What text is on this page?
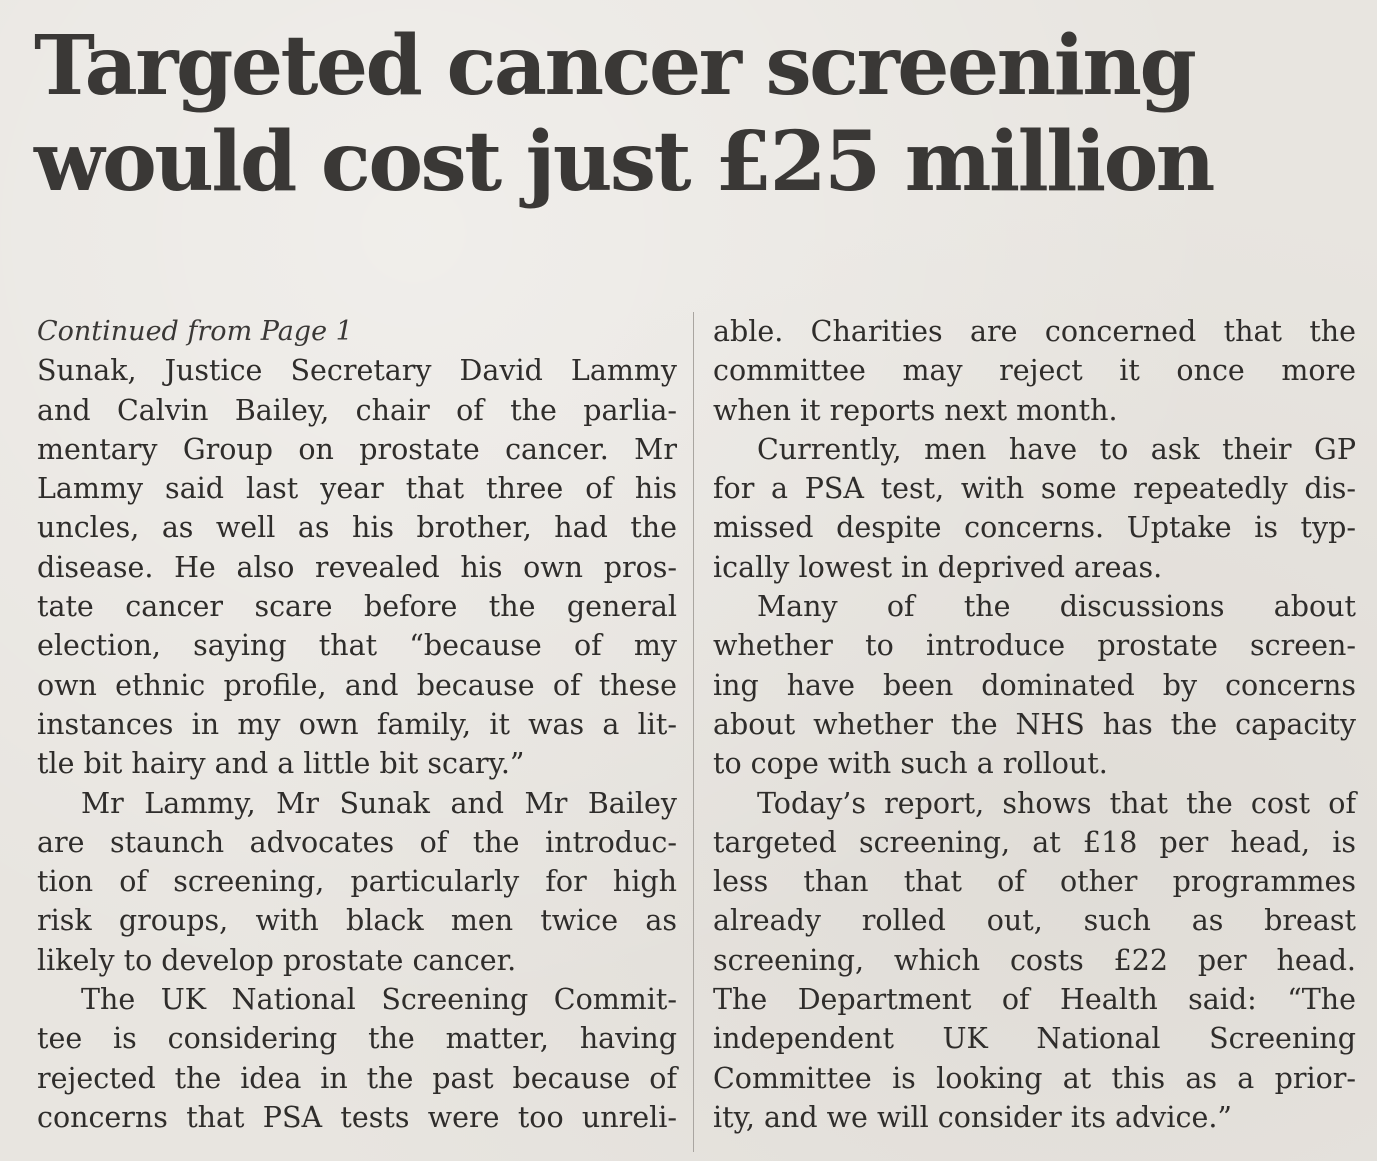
Targeted cancer screening
would cost just £25 million
Continued from Page 1
Sunak, Justice Secretary David Lammy
and Calvin Bailey, chair of the parlia-
mentary Group on prostate cancer. Mr
Lammy said last year that three of his
uncles, as well as his brother, had the
disease. He also revealed his own pros-
tate cancer scare before the general
election, saying that “because of my
own ethnic profile, and because of these
instances in my own family, it was a lit-
tle bit hairy and a little bit scary.”
Mr Lammy, Mr Sunak and Mr Bailey
are staunch advocates of the introduc-
tion of screening, particularly for high
risk groups, with black men twice as
likely to develop prostate cancer.
The UK National Screening Commit-
tee is considering the matter, having
rejected the idea in the past because of
concerns that PSA tests were too unreli-
able. Charities are concerned that the
committee may reject it once more
when it reports next month.
Currently, men have to ask their GP
for a PSA test, with some repeatedly dis-
missed despite concerns. Uptake is typ-
ically lowest in deprived areas.
Many of the discussions about
whether to introduce prostate screen-
ing have been dominated by concerns
about whether the NHS has the capacity
to cope with such a rollout.
Today’s report, shows that the cost of
targeted screening, at £18 per head, is
less than that of other programmes
already rolled out, such as breast
screening, which costs £22 per head.
The Department of Health said: “The
independent UK National Screening
Committee is looking at this as a prior-
ity, and we will consider its advice.”
